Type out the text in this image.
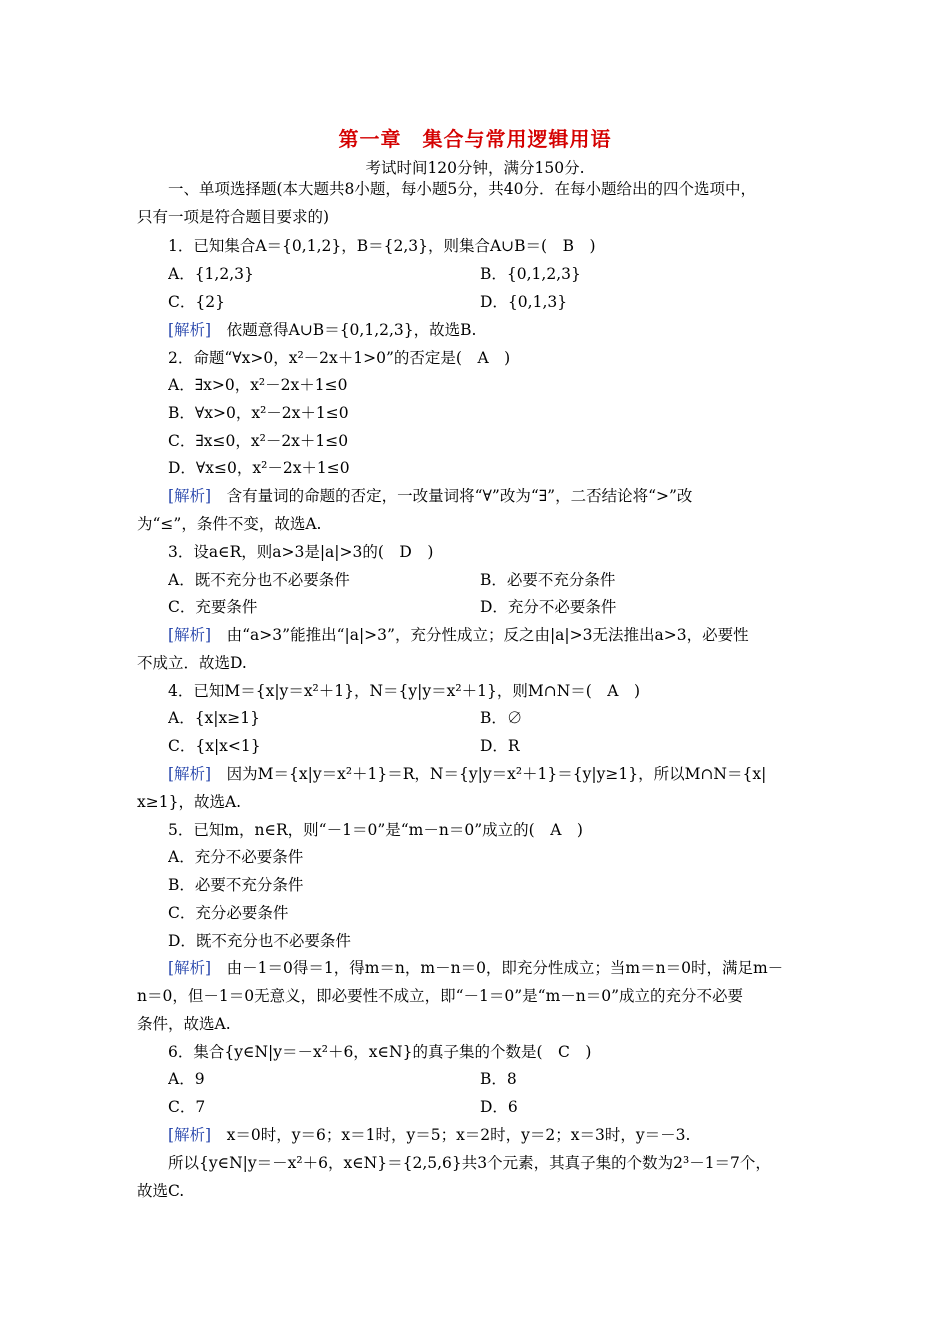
第一章　集合与常用逻辑用语
考试时间120分钟，满分150分.
一、单项选择题(本大题共8小题，每小题5分，共40分．在每小题给出的四个选项中，
只有一项是符合题目要求的)
1．已知集合A＝{0,1,2}，B＝{2,3}，则集合A∪B＝(　B　)
A．{1,2,3}	B．{0,1,2,3}
C．{2}	D．{0,1,3}
[解析]　 依题意得A∪B＝{0,1,2,3}，故选B.
2．命题“∀x>0，x²－2x＋1>0”的否定是(　A　)
A．∃x>0，x²－2x＋1≤0
B．∀x>0，x²－2x＋1≤0
C．∃x≤0，x²－2x＋1≤0
D．∀x≤0，x²－2x＋1≤0
[解析]　 含有量词的命题的否定，一改量词将“∀”改为“∃”，二否结论将“>”改
为“≤”，条件不变，故选A.
3．设a∈R，则a>3是|a|>3的(　D　)
A．既不充分也不必要条件	B．必要不充分条件
C．充要条件	D．充分不必要条件
[解析]　 由“a>3”能推出“|a|>3”，充分性成立；反之由|a|>3无法推出a>3，必要性
不成立．故选D.
4．已知M＝{x|y＝x²＋1}，N＝{y|y＝x²＋1}，则M∩N＝(　A　)
A．{x|x≥1}	B．∅
C．{x|x<1}	D．R
[解析]　 因为M＝{x|y＝x²＋1}＝R，N＝{y|y＝x²＋1}＝{y|y≥1}，所以M∩N＝{x|
x≥1}，故选A.
5．已知m，n∈R，则“－1＝0”是“m－n＝0”成立的(　A　)
A．充分不必要条件
B．必要不充分条件
C．充分必要条件
D．既不充分也不必要条件
[解析]　 由－1＝0得＝1，得m＝n，m－n＝0，即充分性成立；当m＝n＝0时，满足m－
n＝0，但－1＝0无意义，即必要性不成立，即“－1＝0”是“m－n＝0”成立的充分不必要
条件，故选A.
6．集合{y∈N|y＝－x²＋6，x∈N}的真子集的个数是(　C　)
A．9	B．8
C．7	D．6
[解析]　 x＝0时，y＝6；x＝1时，y＝5；x＝2时，y＝2；x＝3时，y＝－3.
所以{y∈N|y＝－x²＋6，x∈N}＝{2,5,6}共3个元素，其真子集的个数为2³－1＝7个，
故选C.
